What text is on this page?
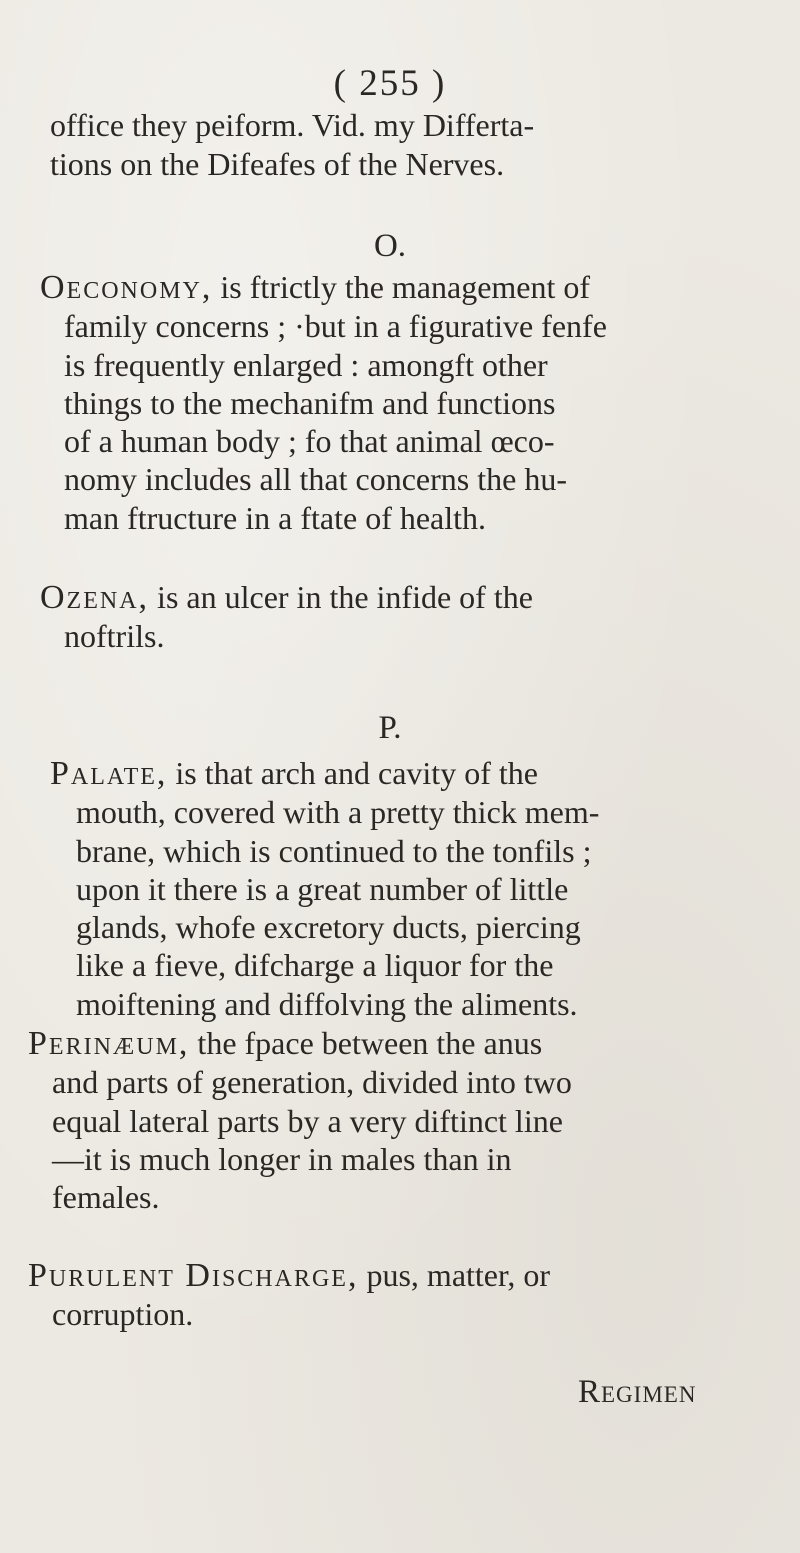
( 255 )
office they peiform. Vid. my Differta-
tions on the Difeafes of the Nerves.
O.
Oeconomy, is ftrictly the management of
family concerns ; ·but in a figurative fenfe
is frequently enlarged : amongft other
things to the mechanifm and functions
of a human body ; fo that animal œco-
nomy includes all that concerns the hu-
man ftructure in a ftate of health.
Ozena, is an ulcer in the infide of the
noftrils.
P.
Palate, is that arch and cavity of the
mouth, covered with a pretty thick mem-
brane, which is continued to the tonfils ;
upon it there is a great number of little
glands, whofe excretory ducts, piercing
like a fieve, difcharge a liquor for the
moiftening and diffolving the aliments.
Perinæum, the fpace between the anus
and parts of generation, divided into two
equal lateral parts by a very diftinct line
—it is much longer in males than in
females.
Purulent Discharge, pus, matter, or
corruption.
Regimen
